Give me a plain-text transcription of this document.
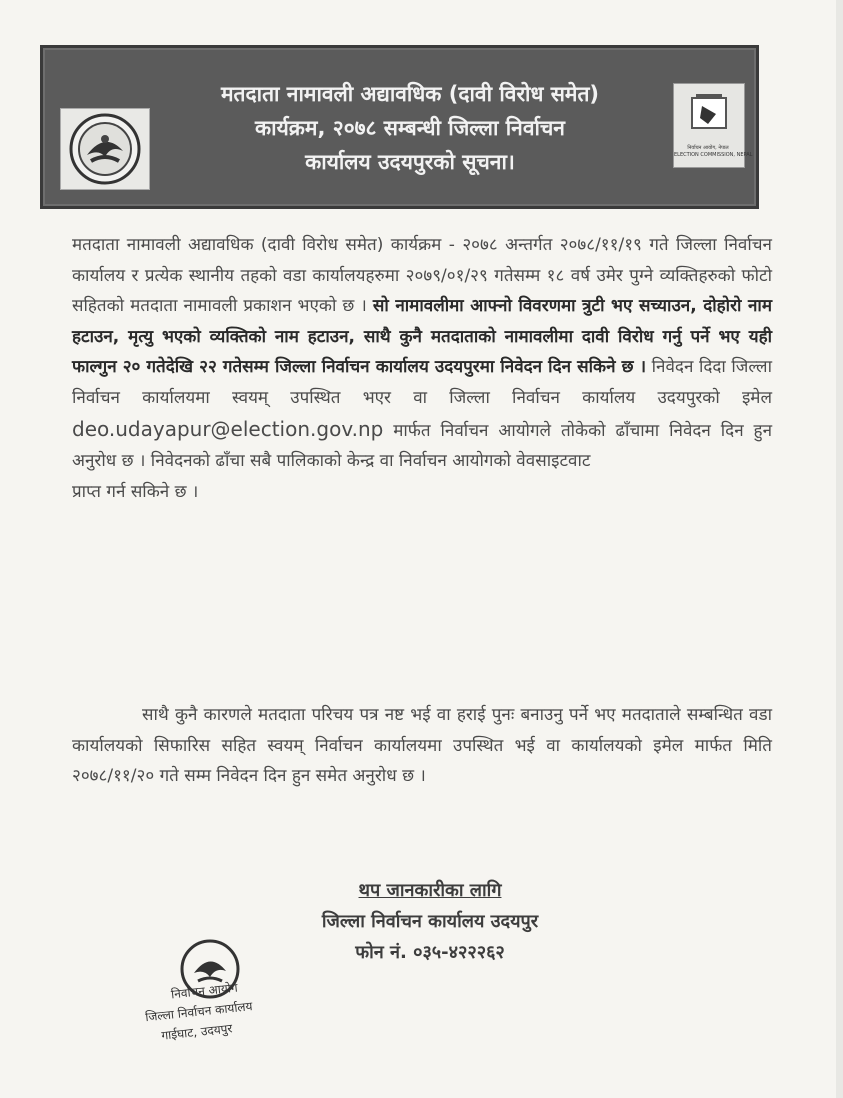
मतदाता नामावली अद्यावधिक (दावी विरोध समेत)
कार्यक्रम, २०७८ सम्बन्धी जिल्ला निर्वाचन
कार्यालय उदयपुरको सूचना।
निर्वाचन आयोग, नेपाल
ELECTION COMMISSION, NEPAL
मतदाता नामावली अद्यावधिक (दावी विरोध समेत) कार्यक्रम - २०७८ अन्तर्गत २०७८/११/१९ गते जिल्ला निर्वाचन कार्यालय र प्रत्येक स्थानीय तहको वडा कार्यालयहरुमा २०७९/०१/२९ गतेसम्म १८ वर्ष उमेर पुग्ने व्यक्तिहरुको फोटो सहितको मतदाता नामावली प्रकाशन भएको छ । सो नामावलीमा आफ्नो विवरणमा त्रुटी भए सच्याउन, दोहोरो नाम हटाउन, मृत्यु भएको व्यक्तिको नाम हटाउन, साथै कुनै मतदाताको नामावलीमा दावी विरोध गर्नु पर्ने भए यही फाल्गुन २० गतेदेखि २२ गतेसम्म जिल्ला निर्वाचन कार्यालय उदयपुरमा निवेदन दिन सकिने छ । निवेदन दिदा जिल्ला निर्वाचन कार्यालयमा स्वयम् उपस्थित भएर वा जिल्ला निर्वाचन कार्यालय उदयपुरको इमेल deo.udayapur@election.gov.np मार्फत निर्वाचन आयोगले तोकेको ढाँचामा निवेदन दिन हुन अनुरोध छ । निवेदनको ढाँचा सबै पालिकाको केन्द्र वा निर्वाचन आयोगको वेवसाइटवाट
प्राप्त गर्न सकिने छ ।
साथै कुनै कारणले मतदाता परिचय पत्र नष्ट भई वा हराई पुनः बनाउनु पर्ने भए मतदाताले सम्बन्धित वडा कार्यालयको सिफारिस सहित स्वयम् निर्वाचन कार्यालयमा उपस्थित भई वा कार्यालयको इमेल मार्फत मिति २०७८/११/२० गते सम्म निवेदन दिन हुन समेत अनुरोध छ ।
थप जानकारीका लागि
जिल्ला निर्वाचन कार्यालय उदयपुर
फोन नं. ०३५-४२२२६२
निर्वाचन आयोग
जिल्ला निर्वाचन कार्यालय
गाईघाट, उदयपुर
